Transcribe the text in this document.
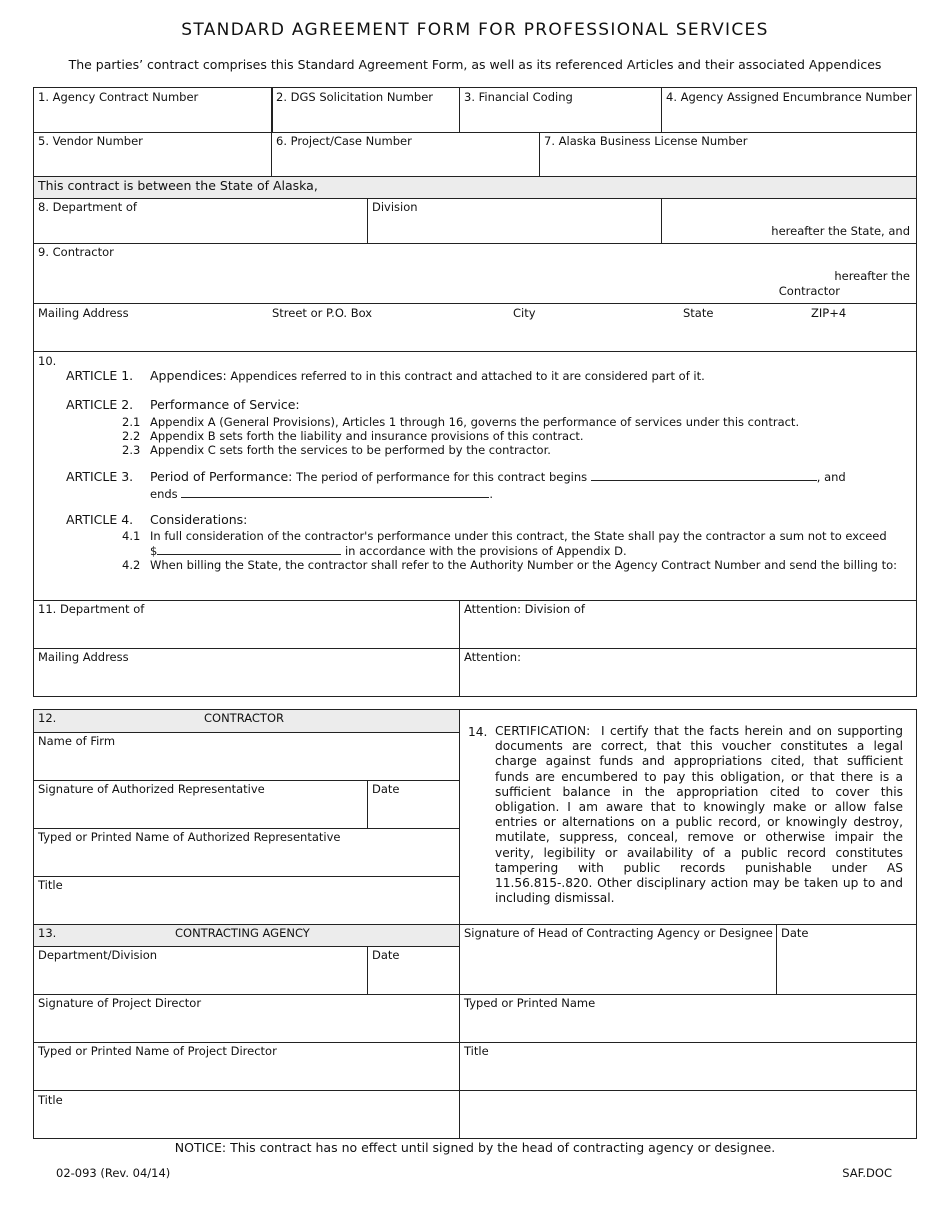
STANDARD AGREEMENT FORM FOR PROFESSIONAL SERVICES
The parties’ contract comprises this Standard Agreement Form, as well as its referenced Articles and their associated Appendices
1. Agency Contract Number	2. DGS Solicitation Number	3. Financial Coding	4. Agency Assigned Encumbrance Number
5. Vendor Number	6. Project/Case Number	7. Alaska Business License Number
This contract is between the State of Alaska,
8. Department of	Division
hereafter the State, and
9. Contractor
hereafter the
Contractor
Mailing Address	Street or P.O. Box	City	State	ZIP+4
10.
ARTICLE 1. Appendices: Appendices referred to in this contract and attached to it are considered part of it.
ARTICLE 2. Performance of Service:
2.1 Appendix A (General Provisions), Articles 1 through 16, governs the performance of services under this contract.
2.2 Appendix B sets forth the liability and insurance provisions of this contract.
2.3 Appendix C sets forth the services to be performed by the contractor.
ARTICLE 3. Period of Performance: The period of performance for this contract begins	, and
ends	.
ARTICLE 4. Considerations:
4.1 In full consideration of the contractor's performance under this contract, the State shall pay the contractor a sum not to exceed
$	in accordance with the provisions of Appendix D.
4.2 When billing the State, the contractor shall refer to the Authority Number or the Agency Contract Number and send the billing to:
11. Department of	Attention: Division of
Mailing Address	Attention:
12.	CONTRACTOR
Name of Firm
Signature of Authorized Representative	Date
Typed or Printed Name of Authorized Representative
Title
14. CERTIFICATION: I certify that the facts herein and on supporting documents are correct, that this voucher constitutes a legal charge against funds and appropriations cited, that sufficient funds are encumbered to pay this obligation, or that there is a sufficient balance in the appropriation cited to cover this obligation. I am aware that to knowingly make or allow false entries or alternations on a public record, or knowingly destroy, mutilate, suppress, conceal, remove or otherwise impair the verity, legibility or availability of a public record constitutes tampering with public records punishable under AS 11.56.815-.820. Other disciplinary action may be taken up to and including dismissal.
13.	CONTRACTING AGENCY
Department/Division	Date
Signature of Project Director
Typed or Printed Name of Project Director
Title
Signature of Head of Contracting Agency or Designee Date
Typed or Printed Name
Title
NOTICE: This contract has no effect until signed by the head of contracting agency or designee.
02-093 (Rev. 04/14)	SAF.DOC
